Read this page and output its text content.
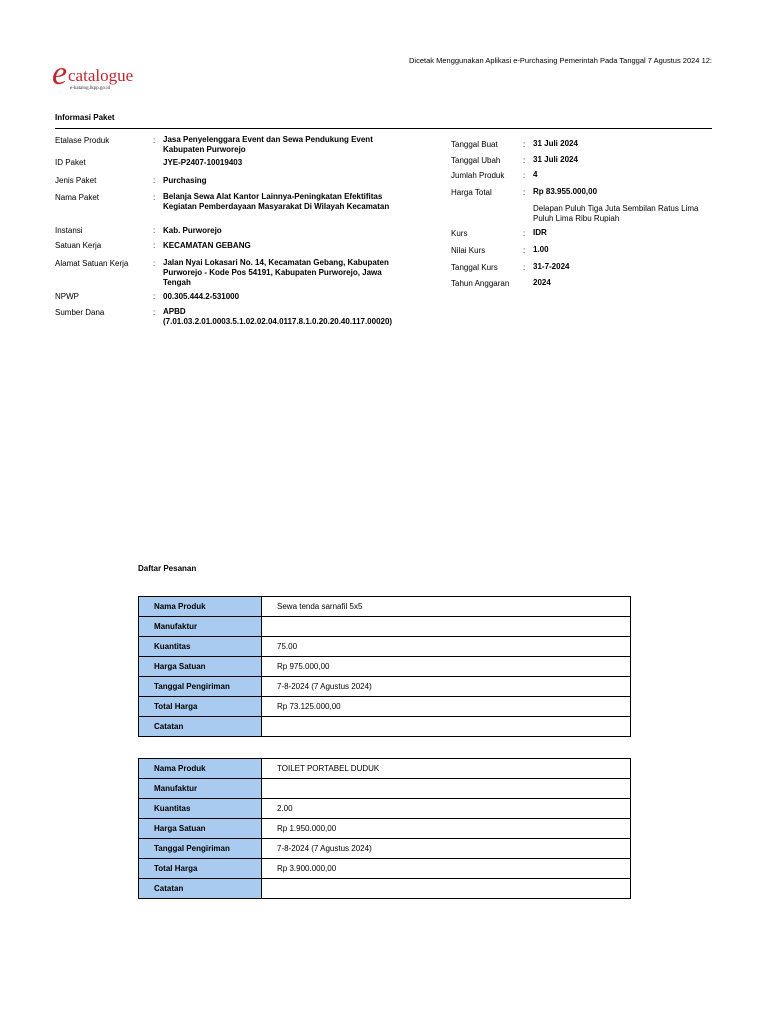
Dicetak Menggunakan Aplikasi e-Purchasing Pemerintah Pada Tanggal 7 Agustus 2024 12:
e catalogue
e-katalog.lkpp.go.id
Informasi Paket
Etalase Produk	: Jasa Penyelenggara Event dan Sewa Pendukung Event Kabupaten Purworejo
ID Paket	JYE-P2407-10019403
Jenis Paket	: Purchasing
Nama Paket	: Belanja Sewa Alat Kantor Lainnya-Peningkatan Efektifitas Kegiatan Pemberdayaan Masyarakat Di Wilayah Kecamatan
Instansi	: Kab. Purworejo
Satuan Kerja	: KECAMATAN GEBANG
Alamat Satuan Kerja	: Jalan Nyai Lokasari No. 14, Kecamatan Gebang, Kabupaten Purworejo - Kode Pos 54191, Kabupaten Purworejo, Jawa Tengah
NPWP	: 00.305.444.2-531000
Sumber Dana	: APBD
(7.01.03.2.01.0003.5.1.02.02.04.0117.8.1.0.20.20.40.117.00020)
Tanggal Buat	: 31 Juli 2024
Tanggal Ubah	: 31 Juli 2024
Jumlah Produk : 4
Harga Total	: Rp 83.955.000,00
Delapan Puluh Tiga Juta Sembilan Ratus Lima Puluh Lima Ribu Rupiah
Kurs	: IDR
Nilai Kurs	: 1.00
Tanggal Kurs	: 31-7-2024
Tahun Anggaran	2024
Daftar Pesanan
Nama Produk	Sewa tenda sarnafil 5x5
Manufaktur	
Kuantitas	75.00
Harga Satuan	Rp 975.000,00
Tanggal Pengiriman	7-8-2024 (7 Agustus 2024)
Total Harga	Rp 73.125.000,00
Catatan	
Nama Produk	TOILET PORTABEL DUDUK
Manufaktur	
Kuantitas	2.00
Harga Satuan	Rp 1.950.000,00
Tanggal Pengiriman	7-8-2024 (7 Agustus 2024)
Total Harga	Rp 3.900.000,00
Catatan	
